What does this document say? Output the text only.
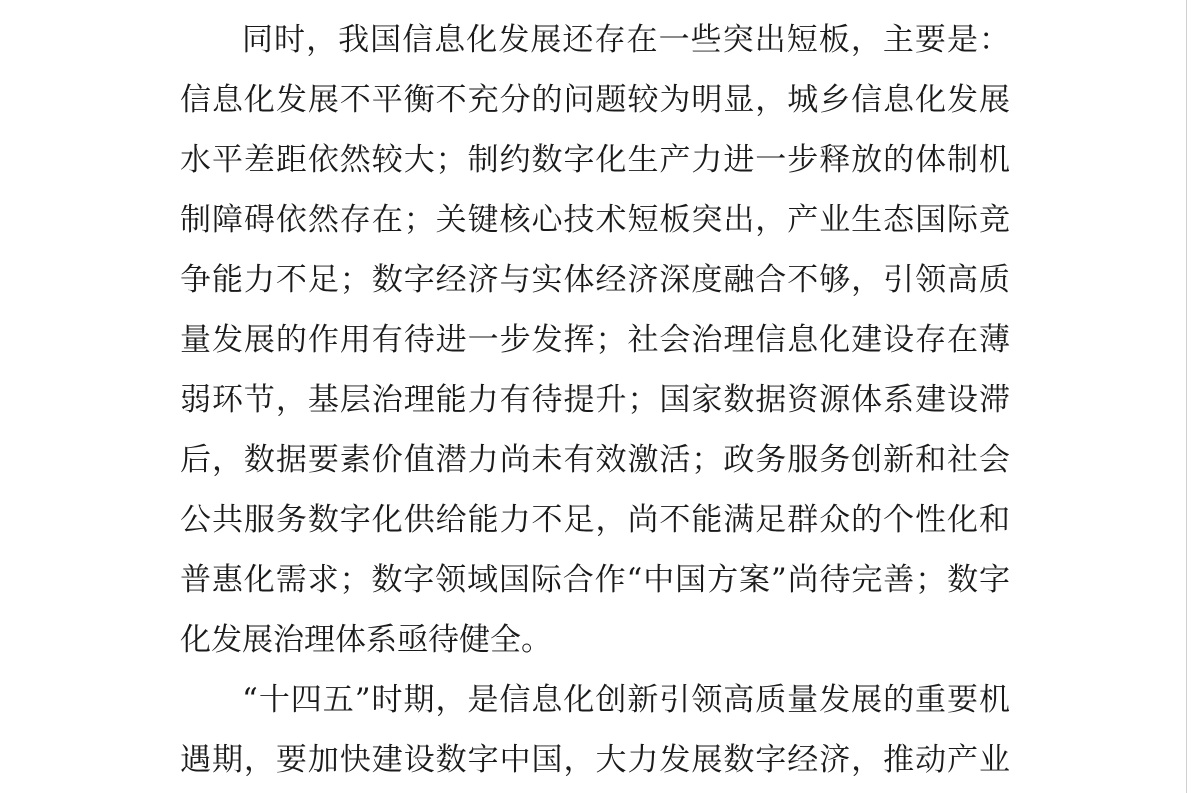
同时，我国信息化发展还存在一些突出短板，主要是：
信息化发展不平衡不充分的问题较为明显，城乡信息化发展
水平差距依然较大；制约数字化生产力进一步释放的体制机
制障碍依然存在；关键核心技术短板突出，产业生态国际竞
争能力不足；数字经济与实体经济深度融合不够，引领高质
量发展的作用有待进一步发挥；社会治理信息化建设存在薄
弱环节，基层治理能力有待提升；国家数据资源体系建设滞
后，数据要素价值潜力尚未有效激活；政务服务创新和社会
公共服务数字化供给能力不足，尚不能满足群众的个性化和
普惠化需求；数字领域国际合作“中国方案”尚待完善；数字
化发展治理体系亟待健全。
“十四五”时期，是信息化创新引领高质量发展的重要机
遇期，要加快建设数字中国，大力发展数字经济，推动产业
